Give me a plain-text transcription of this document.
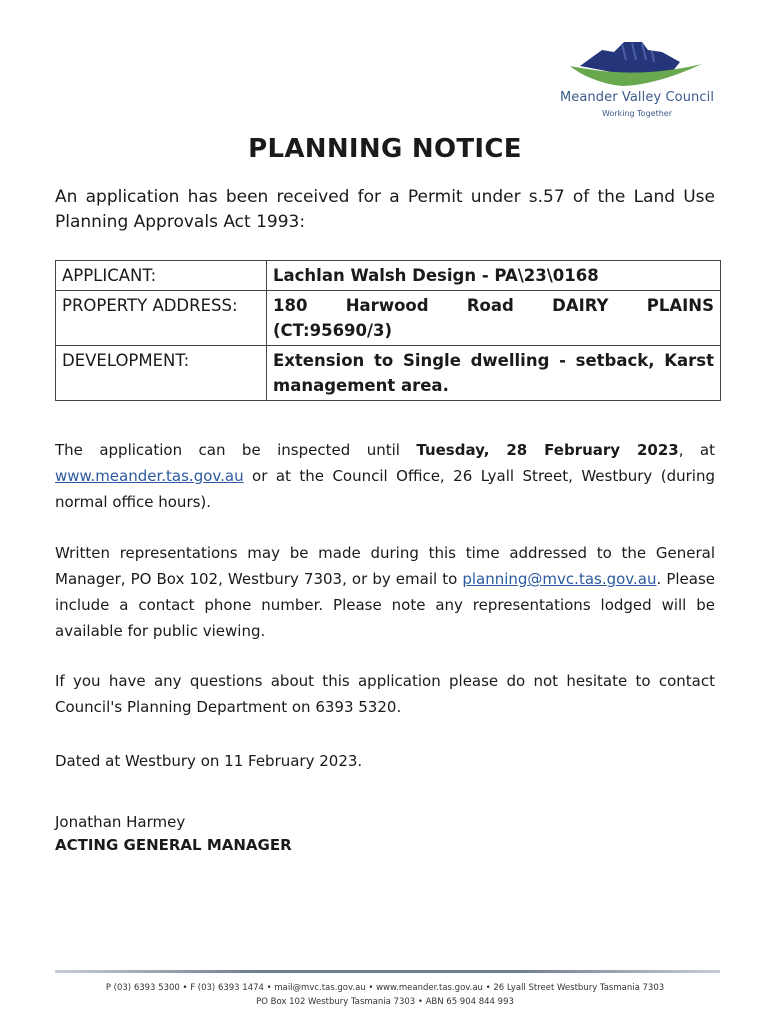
Meander Valley Council
Working Together
PLANNING NOTICE
An application has been received for a Permit under s.57 of the Land Use Planning Approvals Act 1993:
APPLICANT:	Lachlan Walsh Design - PA\23\0168
PROPERTY ADDRESS:	180 Harwood Road DAIRY PLAINS (CT:95690/3)
DEVELOPMENT:	Extension to Single dwelling - setback, Karst management area.
The application can be inspected until Tuesday, 28 February 2023, at www.meander.tas.gov.au or at the Council Office, 26 Lyall Street, Westbury (during normal office hours).
Written representations may be made during this time addressed to the General Manager, PO Box 102, Westbury 7303, or by email to planning@mvc.tas.gov.au. Please include a contact phone number. Please note any representations lodged will be available for public viewing.
If you have any questions about this application please do not hesitate to contact Council's Planning Department on 6393 5320.
Dated at Westbury on 11 February 2023.
Jonathan Harmey
ACTING GENERAL MANAGER
P (03) 6393 5300 • F (03) 6393 1474 • mail@mvc.tas.gov.au • www.meander.tas.gov.au • 26 Lyall Street Westbury Tasmania 7303
PO Box 102 Westbury Tasmania 7303 • ABN 65 904 844 993
